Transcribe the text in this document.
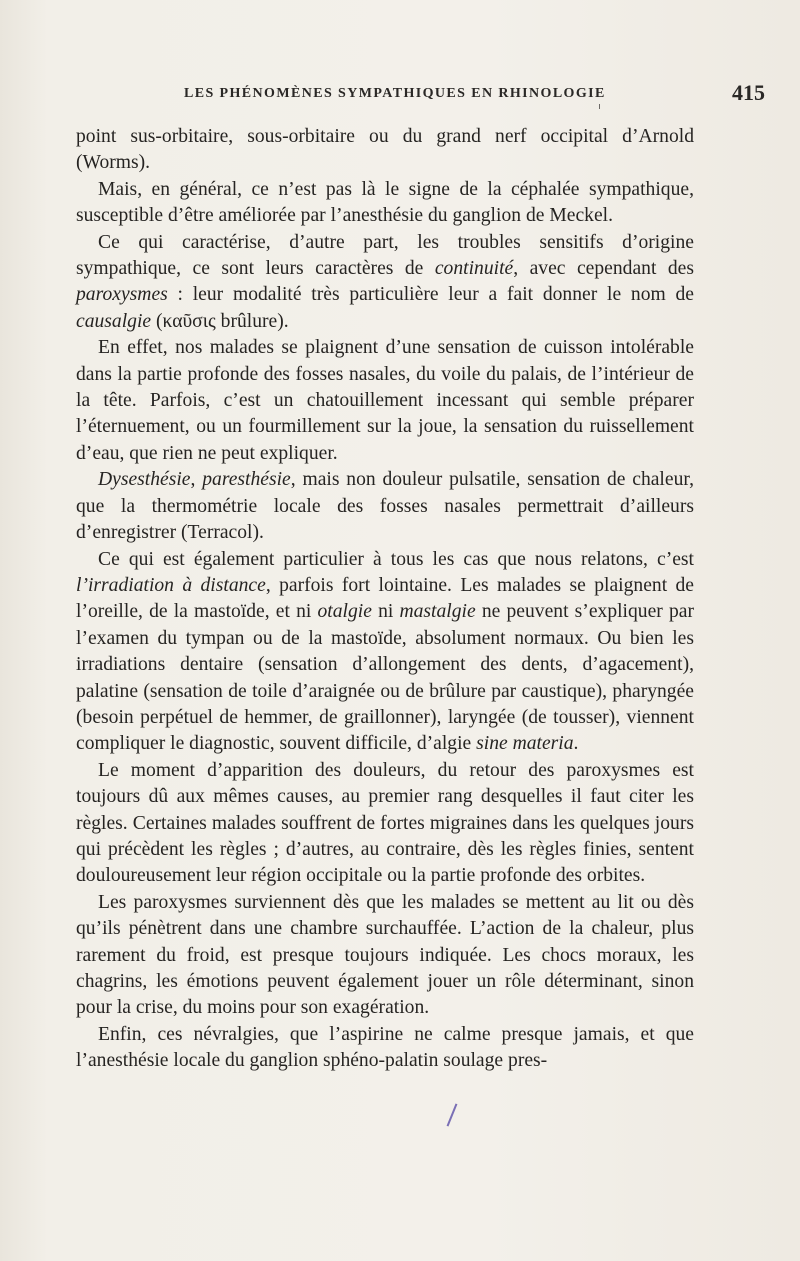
LES PHÉNOMÈNES SYMPATHIQUES EN RHINOLOGIE	415

point sus-orbitaire, sous-orbitaire ou du grand nerf occipital d’Arnold (Worms).

Mais, en général, ce n’est pas là le signe de la céphalée sympathique, susceptible d’être améliorée par l’anesthésie du ganglion de Meckel.

Ce qui caractérise, d’autre part, les troubles sensitifs d’origine sympathique, ce sont leurs caractères de continuité, avec cependant des paroxysmes : leur modalité très particulière leur a fait donner le nom de causalgie (καῦσις brûlure).

En effet, nos malades se plaignent d’une sensation de cuisson intolérable dans la partie profonde des fosses nasales, du voile du palais, de l’intérieur de la tête. Parfois, c’est un chatouillement incessant qui semble préparer l’éternuement, ou un fourmillement sur la joue, la sensation du ruissellement d’eau, que rien ne peut expliquer.

Dysesthésie, paresthésie, mais non douleur pulsatile, sensation de chaleur, que la thermométrie locale des fosses nasales permettrait d’ailleurs d’enregistrer (Terracol).

Ce qui est également particulier à tous les cas que nous relatons, c’est l’irradiation à distance, parfois fort lointaine. Les malades se plaignent de l’oreille, de la mastoïde, et ni otalgie ni mastalgie ne peuvent s’expliquer par l’examen du tympan ou de la mastoïde, absolument normaux. Ou bien les irradiations dentaire (sensation d’allongement des dents, d’agacement), palatine (sensation de toile d’araignée ou de brûlure par caustique), pharyngée (besoin perpétuel de hemmer, de graillonner), laryngée (de tousser), viennent compliquer le diagnostic, souvent difficile, d’algie sine materia.

Le moment d’apparition des douleurs, du retour des paroxysmes est toujours dû aux mêmes causes, au premier rang desquelles il faut citer les règles. Certaines malades souffrent de fortes migraines dans les quelques jours qui précèdent les règles ; d’autres, au contraire, dès les règles finies, sentent douloureusement leur région occipitale ou la partie profonde des orbites.

Les paroxysmes surviennent dès que les malades se mettent au lit ou dès qu’ils pénètrent dans une chambre surchauffée. L’action de la chaleur, plus rarement du froid, est presque toujours indiquée. Les chocs moraux, les chagrins, les émotions peuvent également jouer un rôle déterminant, sinon pour la crise, du moins pour son exagération.

Enfin, ces névralgies, que l’aspirine ne calme presque jamais, et que l’anesthésie locale du ganglion sphéno-palatin soulage pres-
